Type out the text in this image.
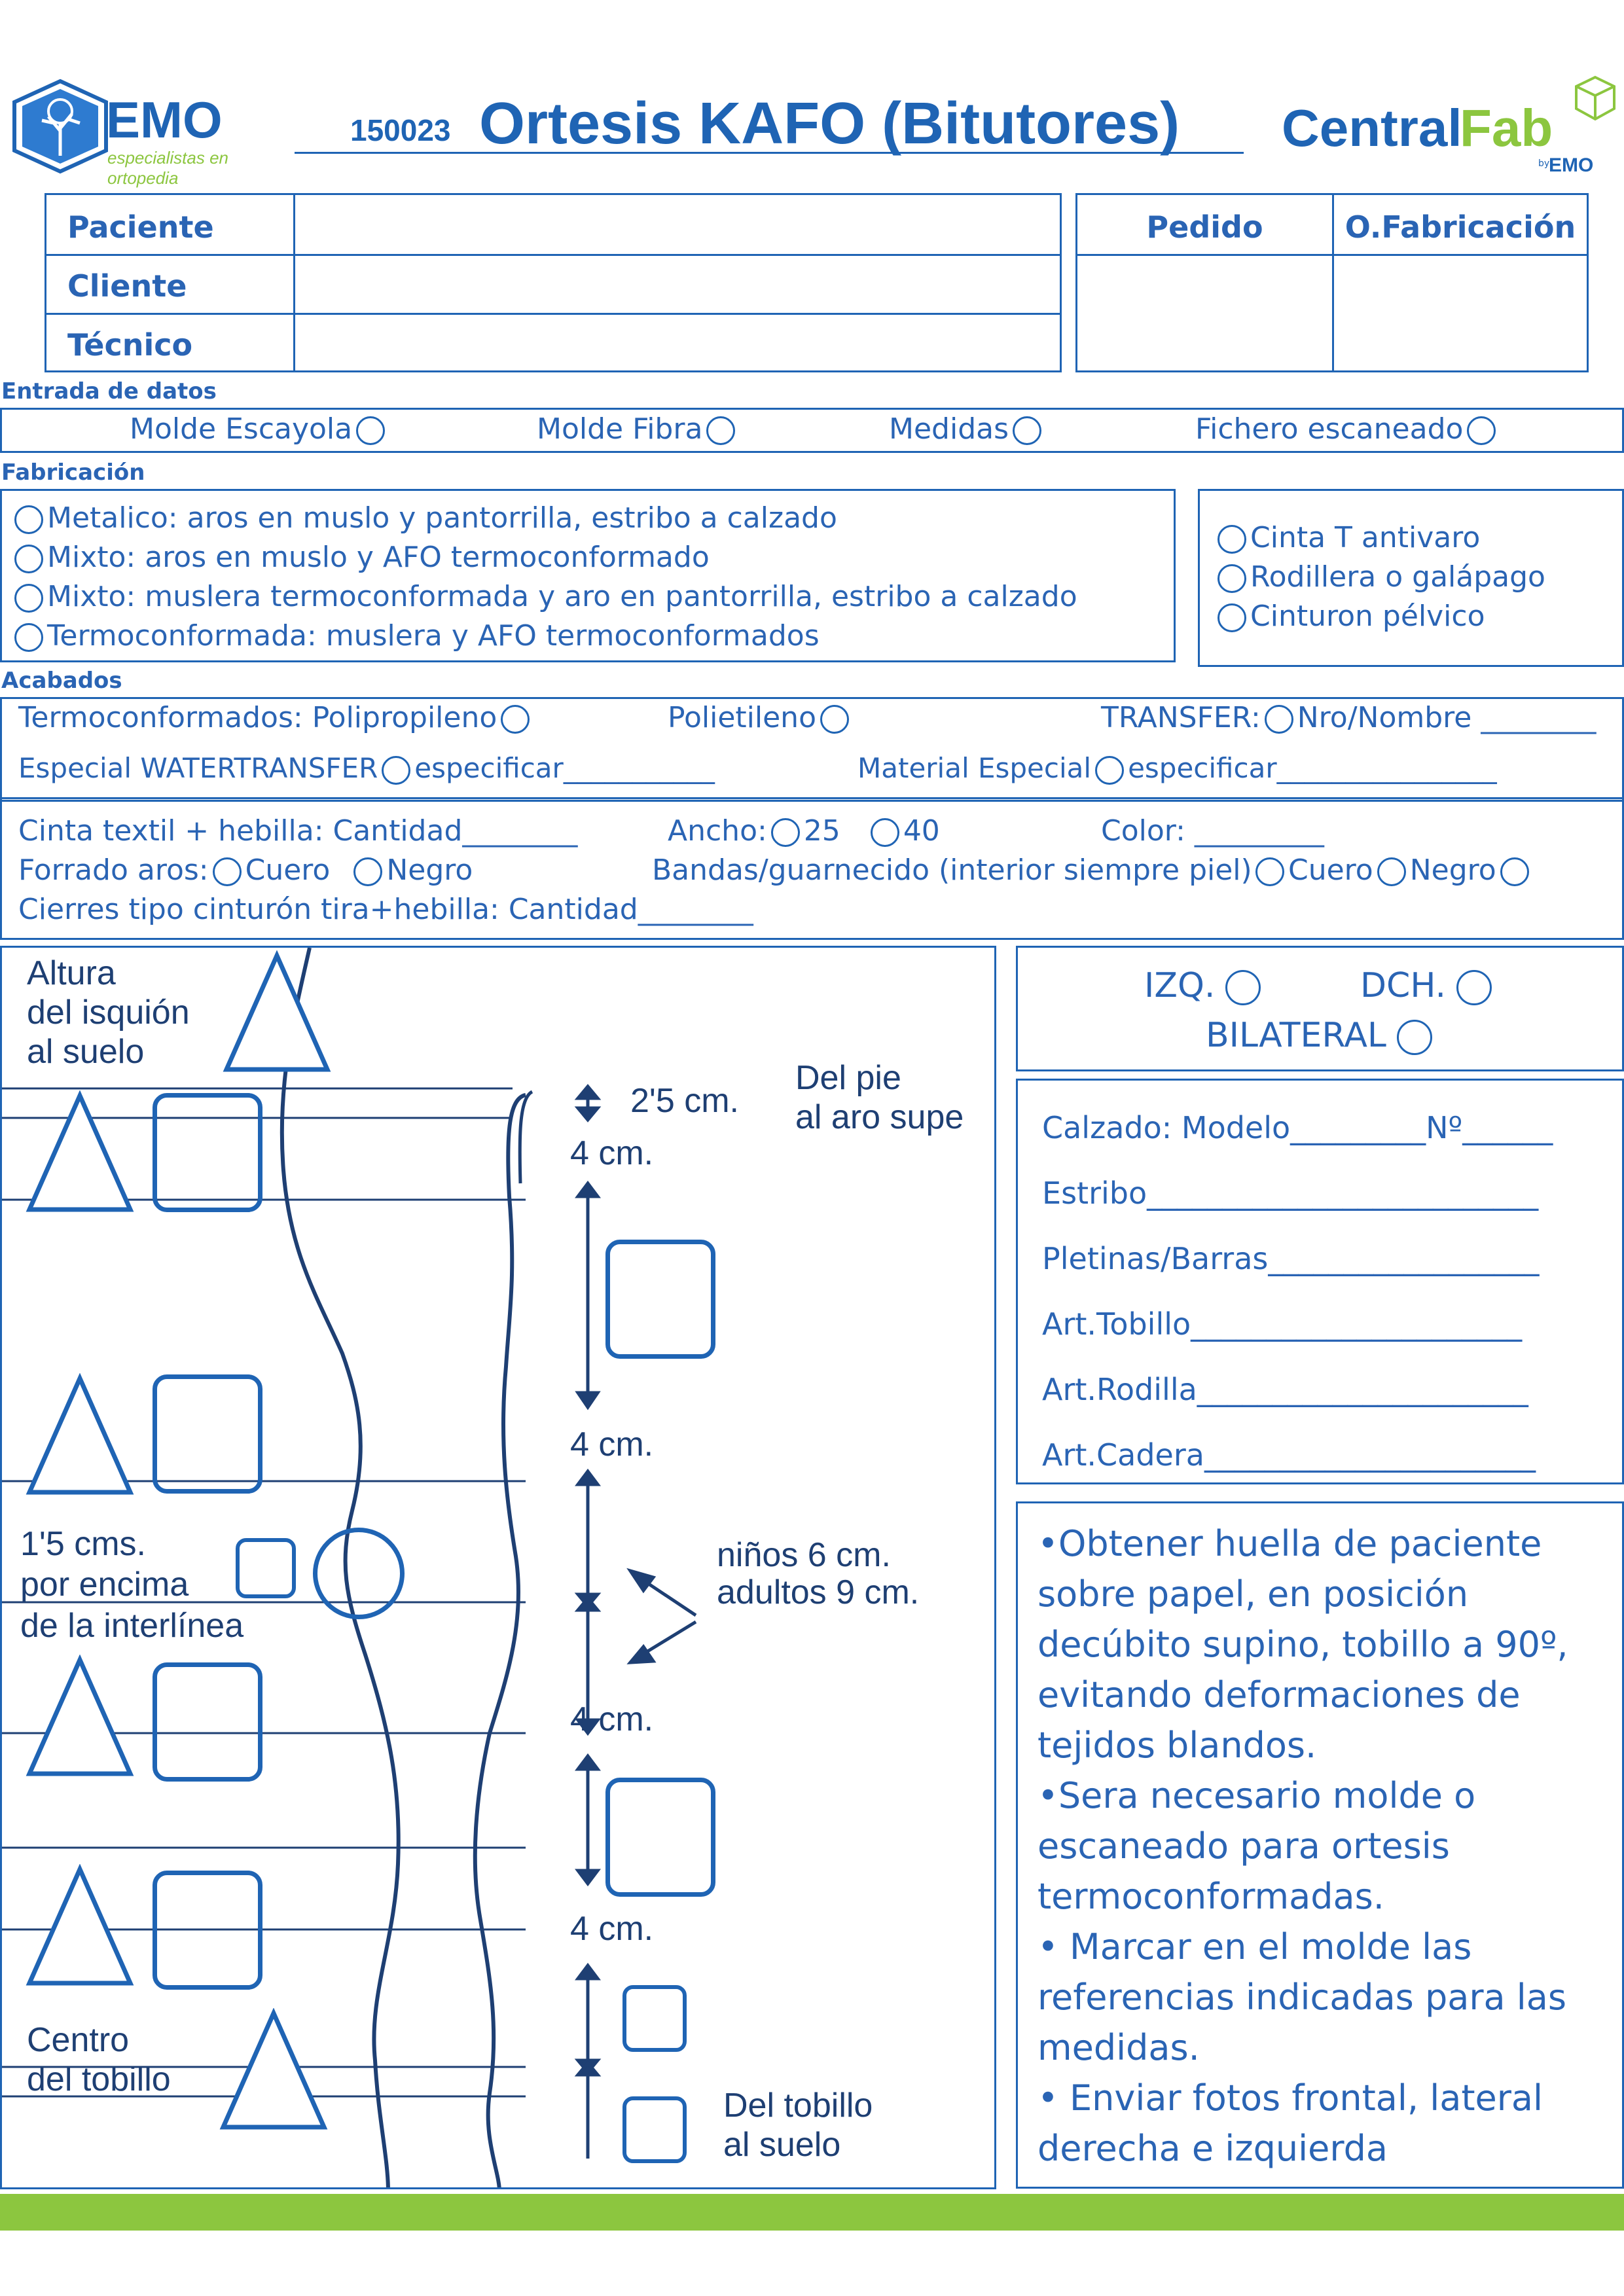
EMO
especialistas en ortopedia
150023 Ortesis KAFO (Bitutores) Central
Fab
by
EMO
Paciente
Cliente
Técnico
Pedido	O.Fabricación
Entrada de datos
Molde Escayola	Molde Fibra	Medidas	Fichero escaneado
Fabricación
Metalico: aros en muslo y pantorrilla, estribo a calzado
Mixto: aros en muslo y AFO termoconformado
Mixto: muslera termoconformada y aro en pantorrilla, estribo a calzado
Termoconformada: muslera y AFO termoconformados
Cinta T antivaro
Rodillera o galápago
Cinturon pélvico
Acabados
Termoconformados: Polipropileno	Polietileno	TRANSFER: Nro/Nombre ________
Especial WATERTRANSFER especificar___________	Material Especial especificar________________
Cinta textil + hebilla: Cantidad________	Ancho: 25 40	Color: _________
Forrado aros: Cuero Negro	Bandas/guarnecido (interior siempre piel)	Cuero Negro
Cierres tipo cinturón tira+hebilla: Cantidad________
Altura
del isquión
al suelo
2'5 cm.
Del pie
al aro supe
4 cm.
4 cm.
1'5 cms.
por encima
de la interlínea
niños 6 cm.
adultos 9 cm.
4 cm.
4 cm.
Centro
del tobillo
Del tobillo
al suelo
IZQ.	DCH.
BILATERAL
Calzado: Modelo_________Nº______
Estribo__________________________
Pletinas/Barras__________________
Art.Tobillo______________________
Art.Rodilla______________________
Art.Cadera______________________
•Obtener huella de paciente sobre papel, en posición decúbito supino, tobillo a 90º, evitando deformaciones de tejidos blandos.
•Sera necesario molde o escaneado para ortesis termoconformadas.
• Marcar en el molde las referencias indicadas para las medidas.
• Enviar fotos frontal, lateral derecha e izquierda
